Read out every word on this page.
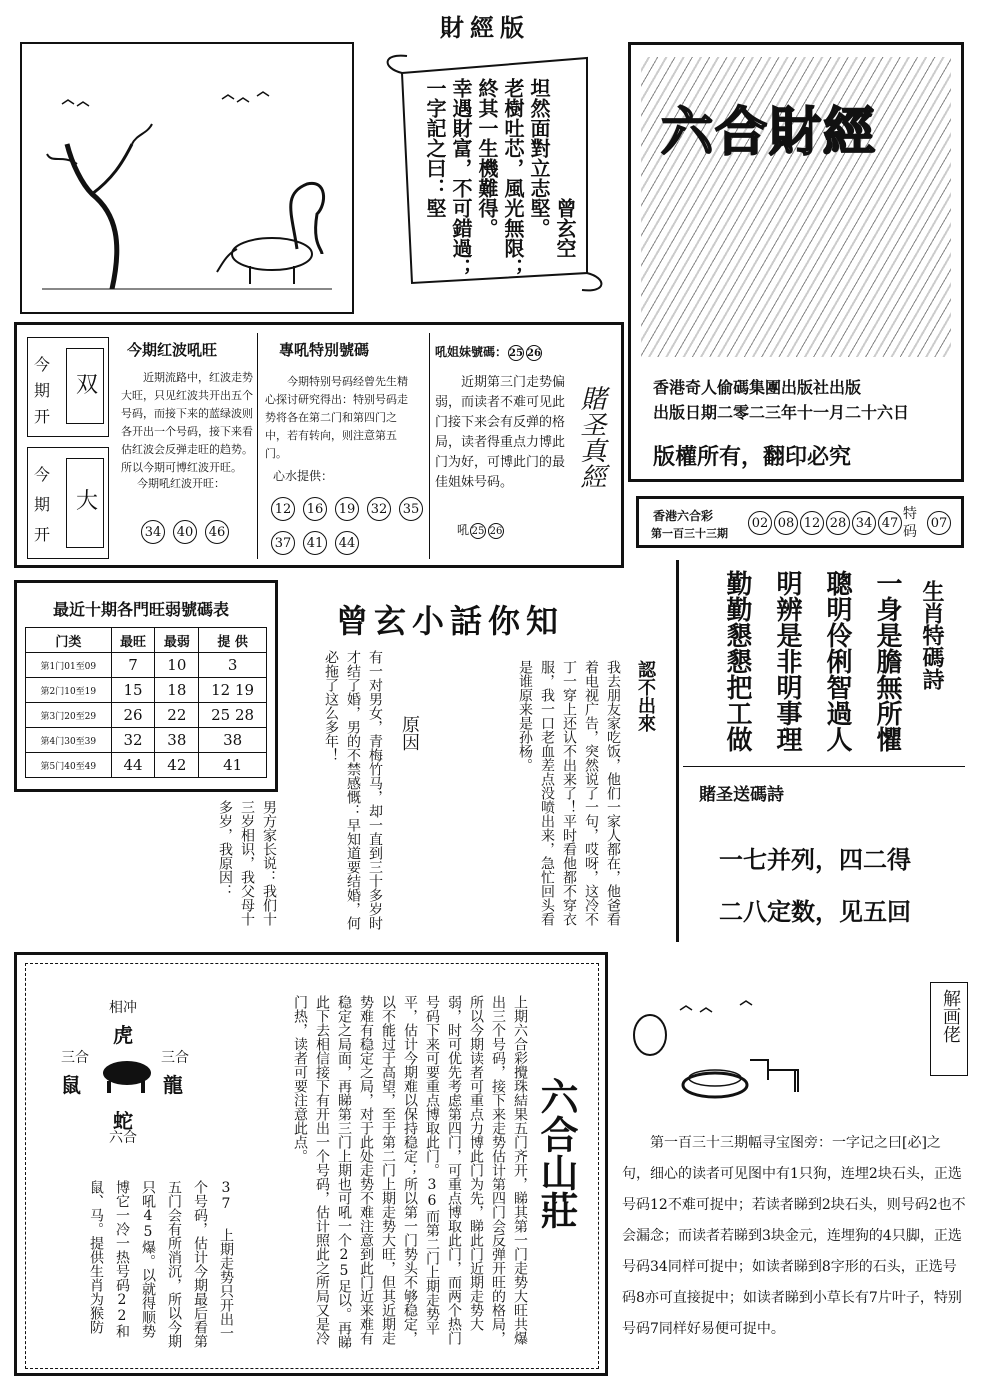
財經版
曾玄空 坦然面對立志堅。 老樹吐芯，風光無限； 終其一生機難得。 幸遇財富，不可錯過； 一字記之曰：堅	六合財經
香港奇人偷碼集團出版社出版
出版日期二零二三年十一月二十六日
版權所有，翻印必究
香港六合彩
第一百三十三期
02 08 12 28 34 47
特码
07
今
期
开
双
今
期
开
大
今期红波吼旺
近期流路中，红波走势大旺，只见红波共开出五个号码，而接下来的蓝绿波则各开出一个号码，接下来看估红波会反弹走旺的趋势。所以今期可博红波开旺。
今期吼红波开旺：
34 40 46
專吼特別號碼
今期特别号码经曾先生精心探讨研究得出：特别号码走势将各在第二门和第四门之中，若有转向，则注意第五门。
心水提供：
12 16 19 32 3537 41 44
吼姐妹號碼： 25 26
近期第三门走势偏弱，而读者不难可见此门接下来会有反弹的格局，读者得重点力博此门为好，可博此门的最佳姐妹号码。
吼 25 26
賭圣真經
最近十期各門旺弱號碼表
门类	最旺	最弱	提 供
第1门01至09	7	10	3
第2门10至19	15	18	12 19
第3门20至29	26	22	25 28
第4门30至39	32	38	38
第5门40至49	44	42	41
曾玄小話你知
認不出來
我去朋友家吃饭，他们一家人都在，他爸看着电视广告，突然说了一句，哎呀，这冷不丁一穿上还认不出来了！平时看他都不穿衣服，我一口老血差点没喷出来，急忙回头看是谁原来是孙杨。
原因
有一对男女，青梅竹马，却一直到三十多岁时才结了婚，男的不禁感慨：早知道要结婚，何必拖了这么多年！
男方家长说：我们十三岁相识，我父母十多岁，我原因：
生肖特碼詩
一身是膽無所懼
聰明伶俐智過人
明辨是非明事理
勤勤懇懇把工做
賭圣送碼詩
一七并列，四二得
二八定数，见五回
相冲
虎
三合
鼠
三合
龍
蛇
六合
37 上期走势只开出一个号码，估计今期最后看第五门会有所消沉，所以今期只吼45爆。以就得顺势博它一冷一热号码22和鼠、马。提供生肖为猴防	上期六合彩攪珠結果五门齐开，睇其第一门走势大旺共爆出三个号码，接下来走势估计第四门会反弹开旺的格局，所以今期读者可重点力博此门为先，睇此门近期走势大弱，时可优先考虑第四门，可重点博取此门，而两个热门号码下来可要重点博取此门。36而第二门上期走势平平，估计今期难以保持稳定；所以第一门势头不够稳定，以不能过于高望，至于第二门上期走势大旺，但其近期走势难有稳定之局，对于此处走势不难注意到此门近来难有稳定之局面，再睇第三门上期也可吼一个25足以。再睇此下去相信接下有开出一个号码，估计照此之所局又是冷门热，读者可要注意此点。	六合山莊
解画佬
第一百三十三期幅寻宝图旁：一字记之曰[必]之句，细心的读者可见图中有1只狗，连埋2块石头，正选号码12不难可捉中；若读者睇到2块石头，则号码2也不会漏念；而读者若睇到3块金元，连埋狗的4只脚，正选号码34同样可捉中；如读者睇到8字形的石头，正选号码8亦可直接捉中；如读者睇到小草长有7片叶子，特别号码7同样好易便可捉中。
